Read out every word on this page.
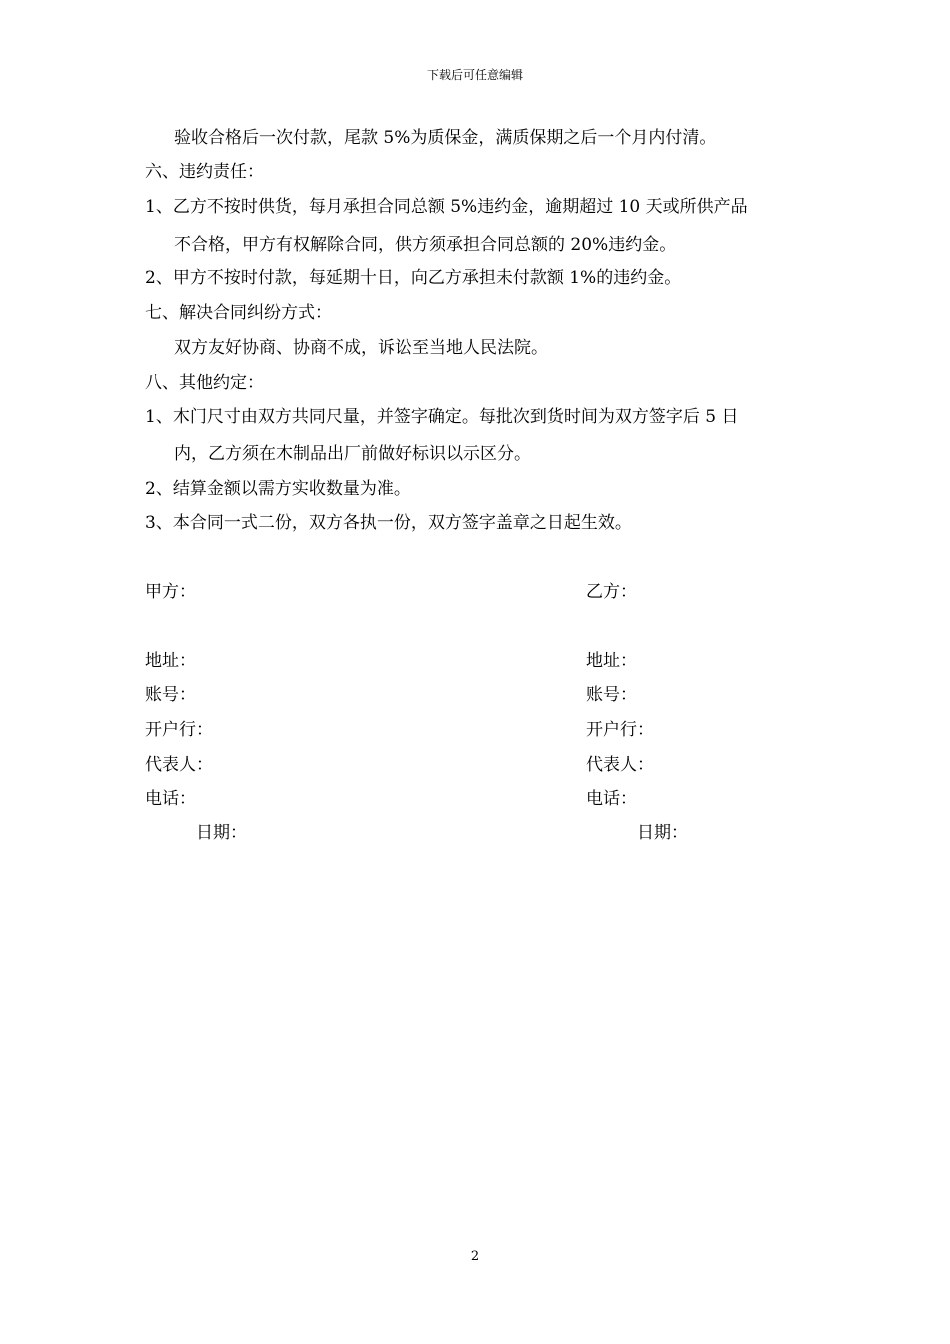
下载后可任意编辑
验收合格后一次付款，尾款 5%为质保金，满质保期之后一个月内付清。
六、违约责任：
1、乙方不按时供货，每月承担合同总额 5%违约金，逾期超过 10 天或所供产品
不合格，甲方有权解除合同，供方须承担合同总额的 20%违约金。
2、甲方不按时付款，每延期十日，向乙方承担未付款额 1%的违约金。
七、解决合同纠纷方式：
双方友好协商、协商不成，诉讼至当地人民法院。
八、其他约定：
1、木门尺寸由双方共同尺量，并签字确定。每批次到货时间为双方签字后 5 日
内，乙方须在木制品出厂前做好标识以示区分。
2、结算金额以需方实收数量为准。
3、本合同一式二份，双方各执一份，双方签字盖章之日起生效。
甲方：
地址：
账号：
开户行：
代表人：
电话：
日期：
乙方：
地址：
账号：
开户行：
代表人：
电话：
日期：
2
